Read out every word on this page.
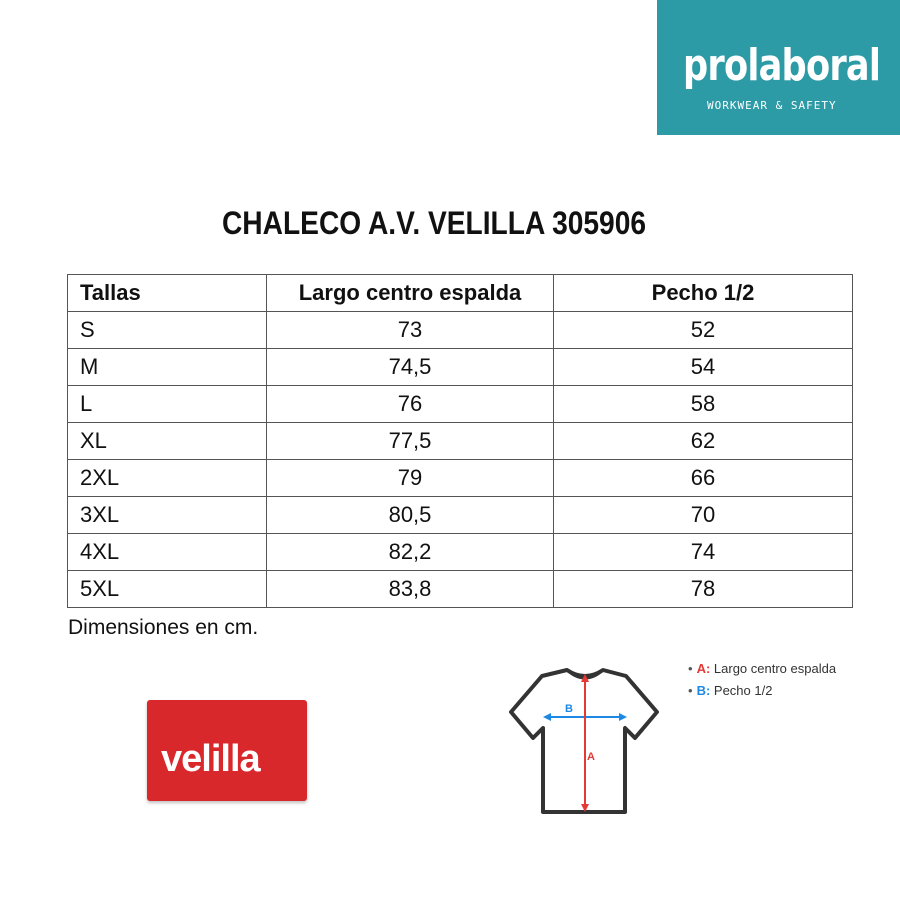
prolaboral
WORKWEAR & SAFETY
CHALECO A.V. VELILLA 305906
Tallas	Largo centro espalda	Pecho 1/2
S	73	52
M	74,5	54
L	76	58
XL	77,5	62
2XL	79	66
3XL	80,5	70
4XL	82,2	74
5XL	83,8	78
Dimensiones en cm.
velilla
B
A
• A: Largo centro espalda
• B: Pecho 1/2
